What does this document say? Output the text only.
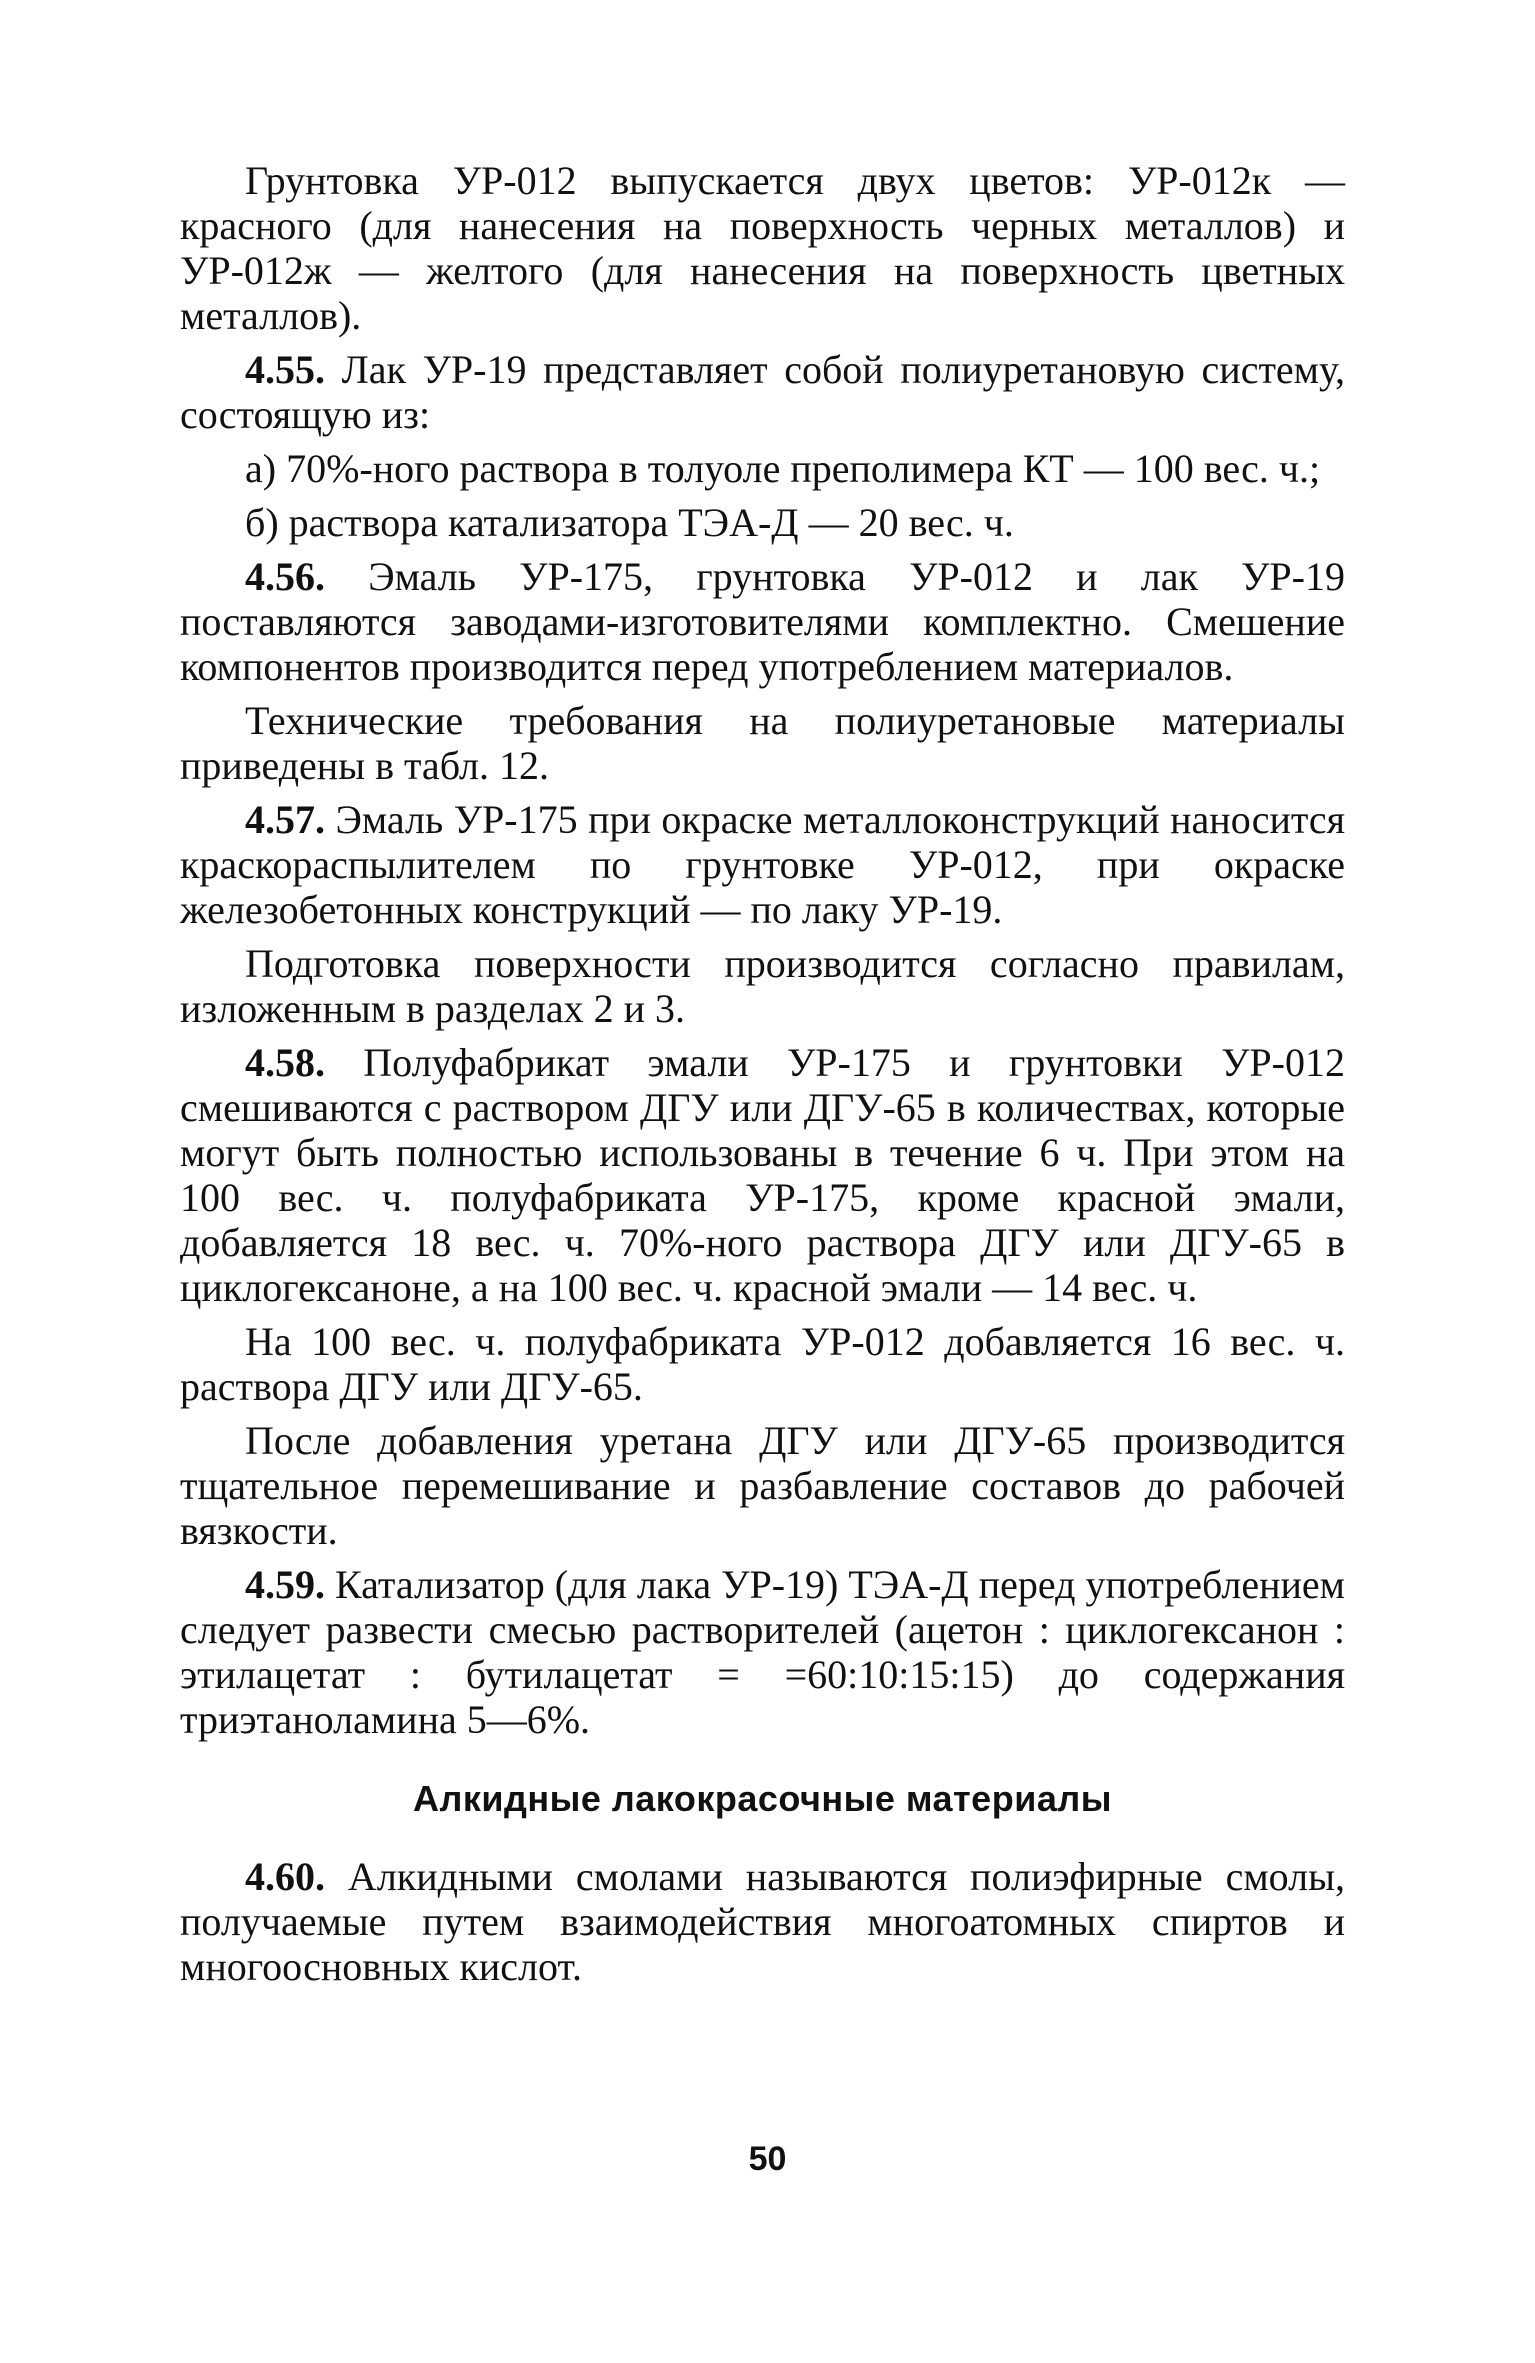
Грунтовка УР-012 выпускается двух цветов: УР-012к — красного (для нанесения на поверхность черных металлов) и УР-012ж — желтого (для нанесения на поверхность цветных металлов).

4.55. Лак УР-19 представляет собой полиуретановую систему, состоящую из:

а) 70%-ного раствора в толуоле преполимера КТ — 100 вес. ч.;

б) раствора катализатора ТЭА-Д — 20 вес. ч.

4.56. Эмаль УР-175, грунтовка УР-012 и лак УР-19 поставляются заводами-изготовителями комплектно. Смешение компонентов производится перед употреблением материалов.

Технические требования на полиуретановые материалы приведены в табл. 12.

4.57. Эмаль УР-175 при окраске металлоконструкций наносится краскораспылителем по грунтовке УР-012, при окраске железобетонных конструкций — по лаку УР-19.

Подготовка поверхности производится согласно правилам, изложенным в разделах 2 и 3.

4.58. Полуфабрикат эмали УР-175 и грунтовки УР-012 смешиваются с раствором ДГУ или ДГУ-65 в количествах, которые могут быть полностью использованы в течение 6 ч. При этом на 100 вес. ч. полуфабриката УР-175, кроме красной эмали, добавляется 18 вес. ч. 70%-ного раствора ДГУ или ДГУ-65 в циклогексаноне, а на 100 вес. ч. красной эмали — 14 вес. ч.

На 100 вес. ч. полуфабриката УР-012 добавляется 16 вес. ч. раствора ДГУ или ДГУ-65.

После добавления уретана ДГУ или ДГУ-65 производится тщательное перемешивание и разбавление составов до рабочей вязкости.

4.59. Катализатор (для лака УР-19) ТЭА-Д перед употреблением следует развести смесью растворителей (ацетон : циклогексанон : этилацетат : бутилацетат = =60:10:15:15) до содержания триэтаноламина 5—6%.

Алкидные лакокрасочные материалы

4.60. Алкидными смолами называются полиэфирные смолы, получаемые путем взаимодействия многоатомных спиртов и многоосновных кислот.

50
